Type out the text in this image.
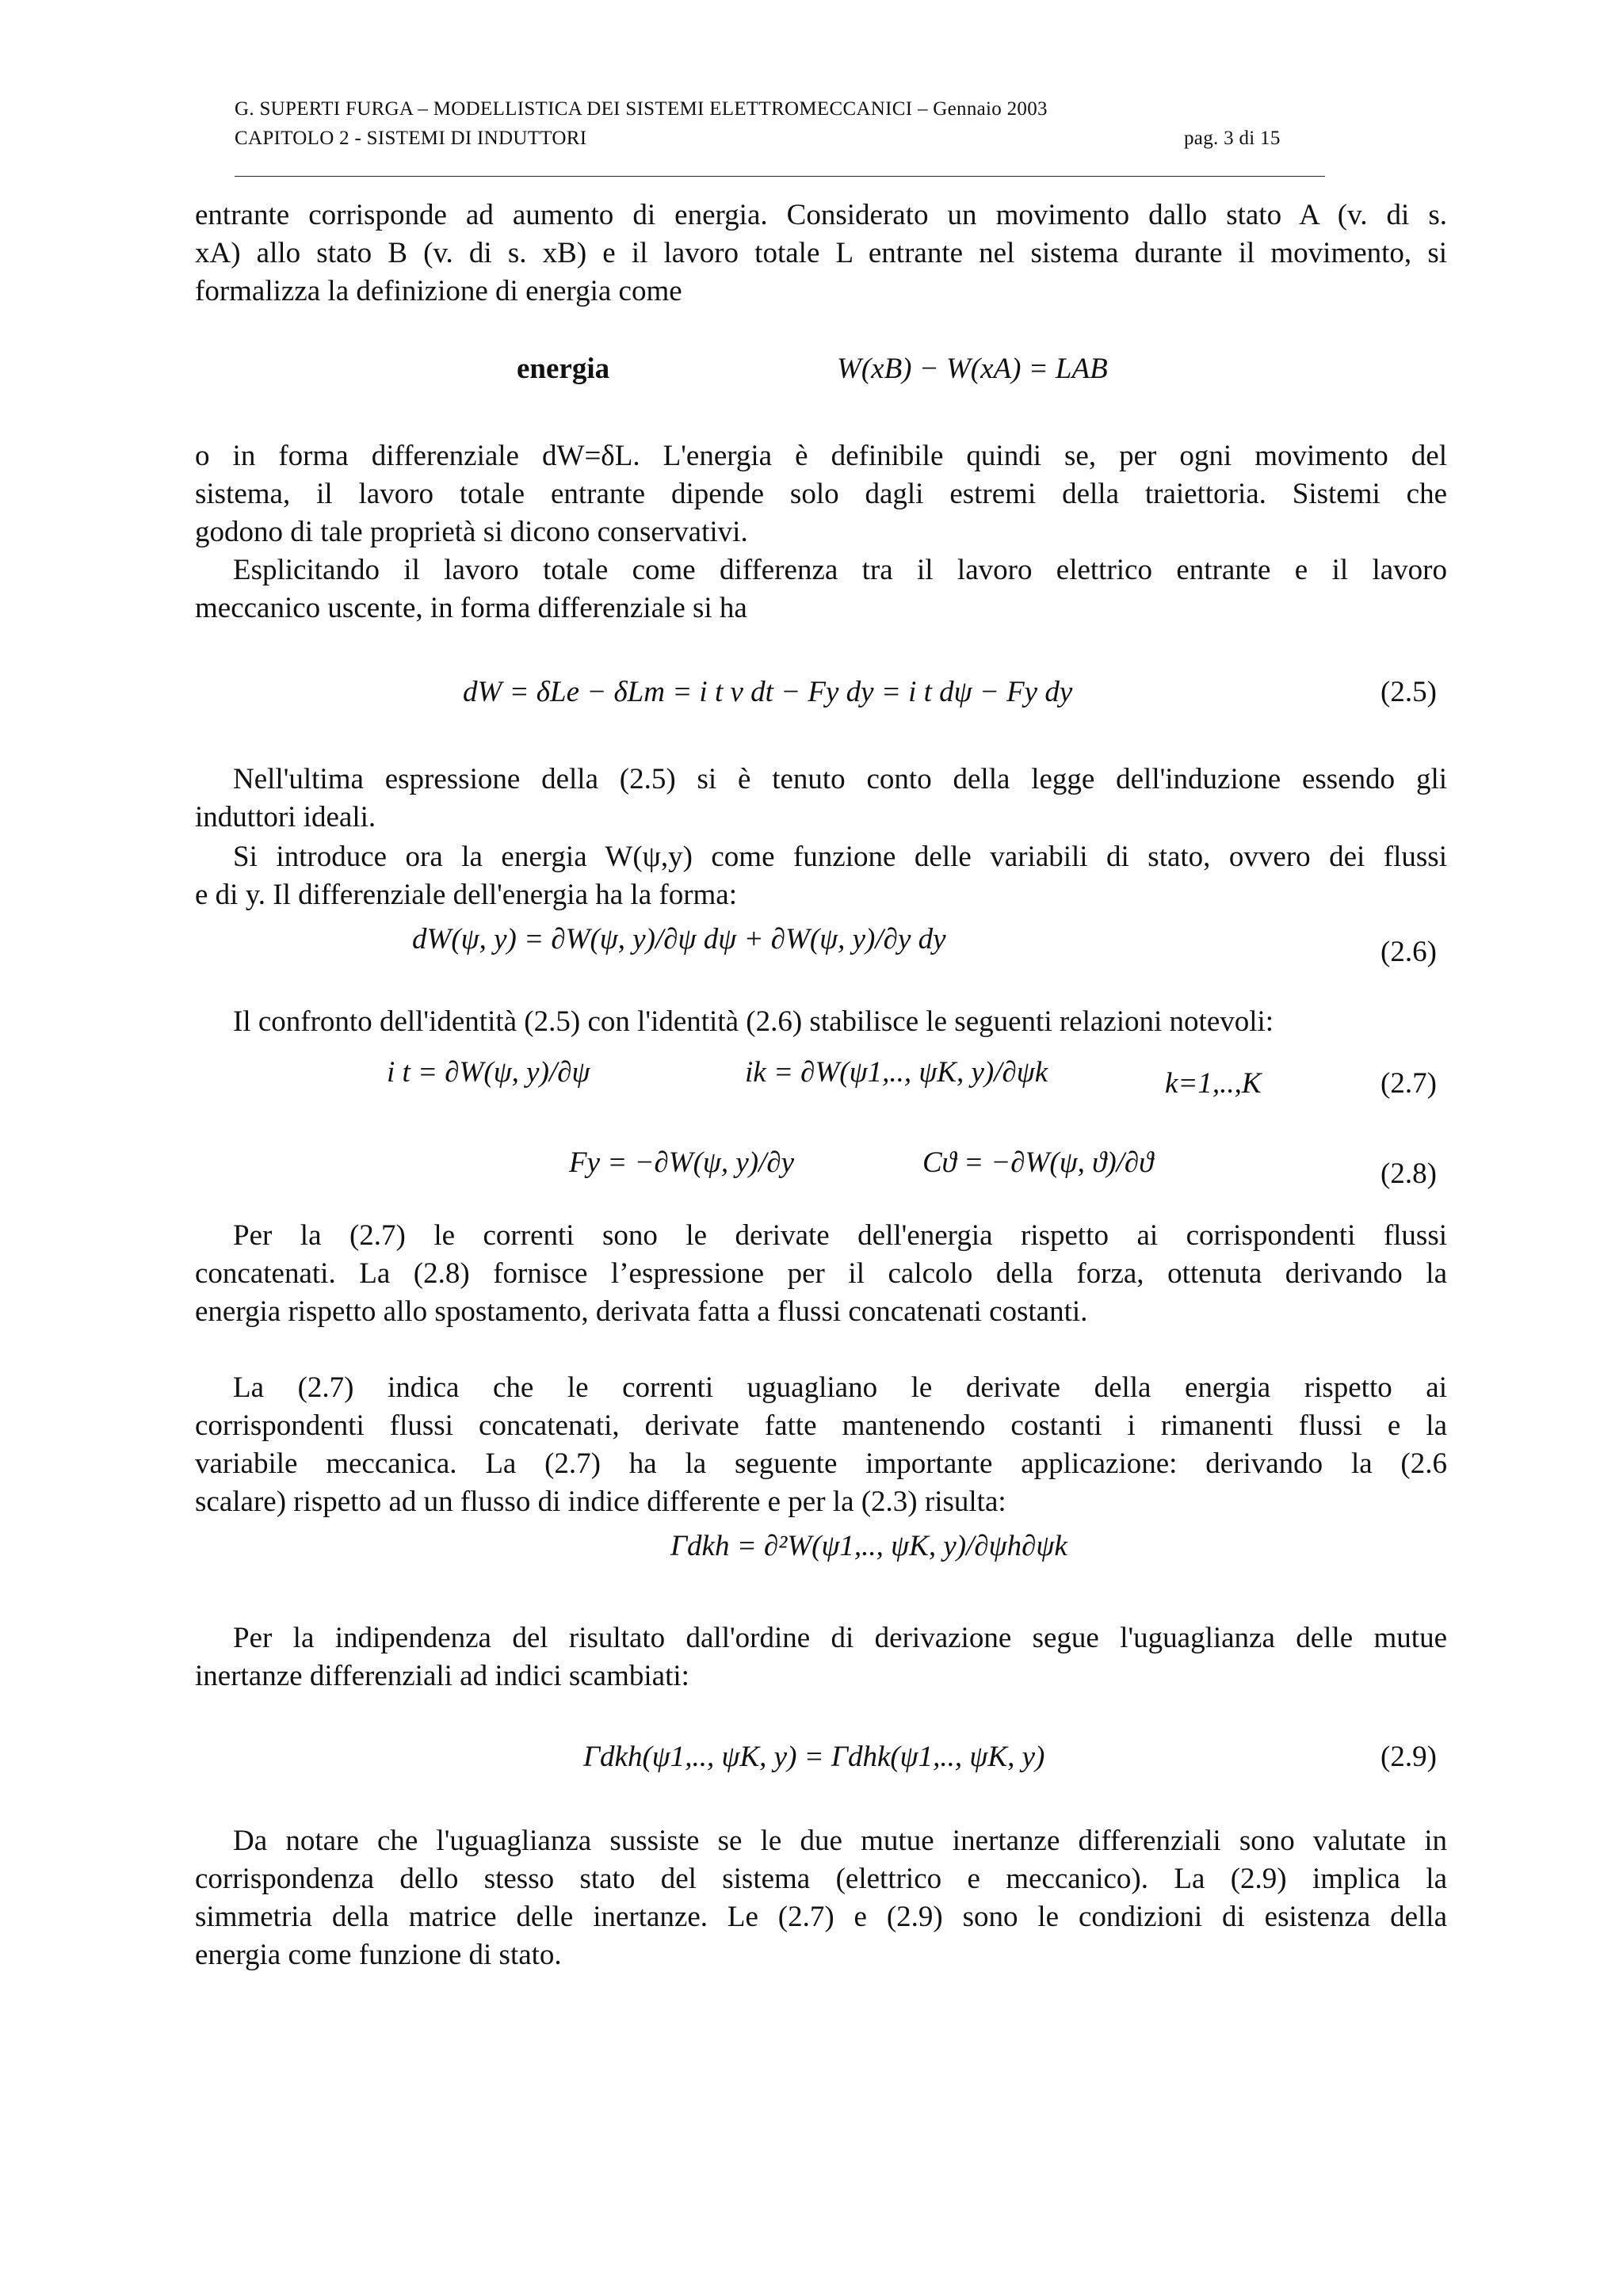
G. SUPERTI FURGA – MODELLISTICA DEI SISTEMI ELETTROMECCANICI – Gennaio 2003
CAPITOLO 2 - SISTEMI DI INDUTTORI	pag. 3 di 15
entrante corrisponde ad aumento di energia. Considerato un movimento dallo stato A (v. di s.
xA) allo stato B (v. di s. xB) e il lavoro totale L entrante nel sistema durante il movimento, si
formalizza la definizione di energia come
energia	W(xB) − W(xA) = LAB
o in forma differenziale dW=δL. L'energia è definibile quindi se, per ogni movimento del
sistema, il lavoro totale entrante dipende solo dagli estremi della traiettoria. Sistemi che
godono di tale proprietà si dicono conservativi.
Esplicitando il lavoro totale come differenza tra il lavoro elettrico entrante e il lavoro
meccanico uscente, in forma differenziale si ha
dW = δLe − δLm = i t v dt − Fy dy = i t dψ − Fy dy	(2.5)
Nell'ultima espressione della (2.5) si è tenuto conto della legge dell'induzione essendo gli
induttori ideali.
Si introduce ora la energia W(ψ,y) come funzione delle variabili di stato, ovvero dei flussi
e di y. Il differenziale dell'energia ha la forma:
dW(ψ, y) = ∂W(ψ, y)/∂ψ dψ + ∂W(ψ, y)/∂y dy	(2.6)
Il confronto dell'identità (2.5) con l'identità (2.6) stabilisce le seguenti relazioni notevoli:
i t = ∂W(ψ, y)/∂ψ	ik = ∂W(ψ1,.., ψK, y)/∂ψk	k=1,..,K	(2.7)
Fy = −∂W(ψ, y)/∂y	Cϑ = −∂W(ψ, ϑ)/∂ϑ	(2.8)
Per la (2.7) le correnti sono le derivate dell'energia rispetto ai corrispondenti flussi
concatenati. La (2.8) fornisce l’espressione per il calcolo della forza, ottenuta derivando la
energia rispetto allo spostamento, derivata fatta a flussi concatenati costanti.
La (2.7) indica che le correnti uguagliano le derivate della energia rispetto ai
corrispondenti flussi concatenati, derivate fatte mantenendo costanti i rimanenti flussi e la
variabile meccanica. La (2.7) ha la seguente importante applicazione: derivando la (2.6
scalare) rispetto ad un flusso di indice differente e per la (2.3) risulta:
Γdkh = ∂²W(ψ1,.., ψK, y)/∂ψh∂ψk
Per la indipendenza del risultato dall'ordine di derivazione segue l'uguaglianza delle mutue
inertanze differenziali ad indici scambiati:
Γdkh(ψ1,.., ψK, y) = Γdhk(ψ1,.., ψK, y)	(2.9)
Da notare che l'uguaglianza sussiste se le due mutue inertanze differenziali sono valutate in
corrispondenza dello stesso stato del sistema (elettrico e meccanico). La (2.9) implica la
simmetria della matrice delle inertanze. Le (2.7) e (2.9) sono le condizioni di esistenza della
energia come funzione di stato.
